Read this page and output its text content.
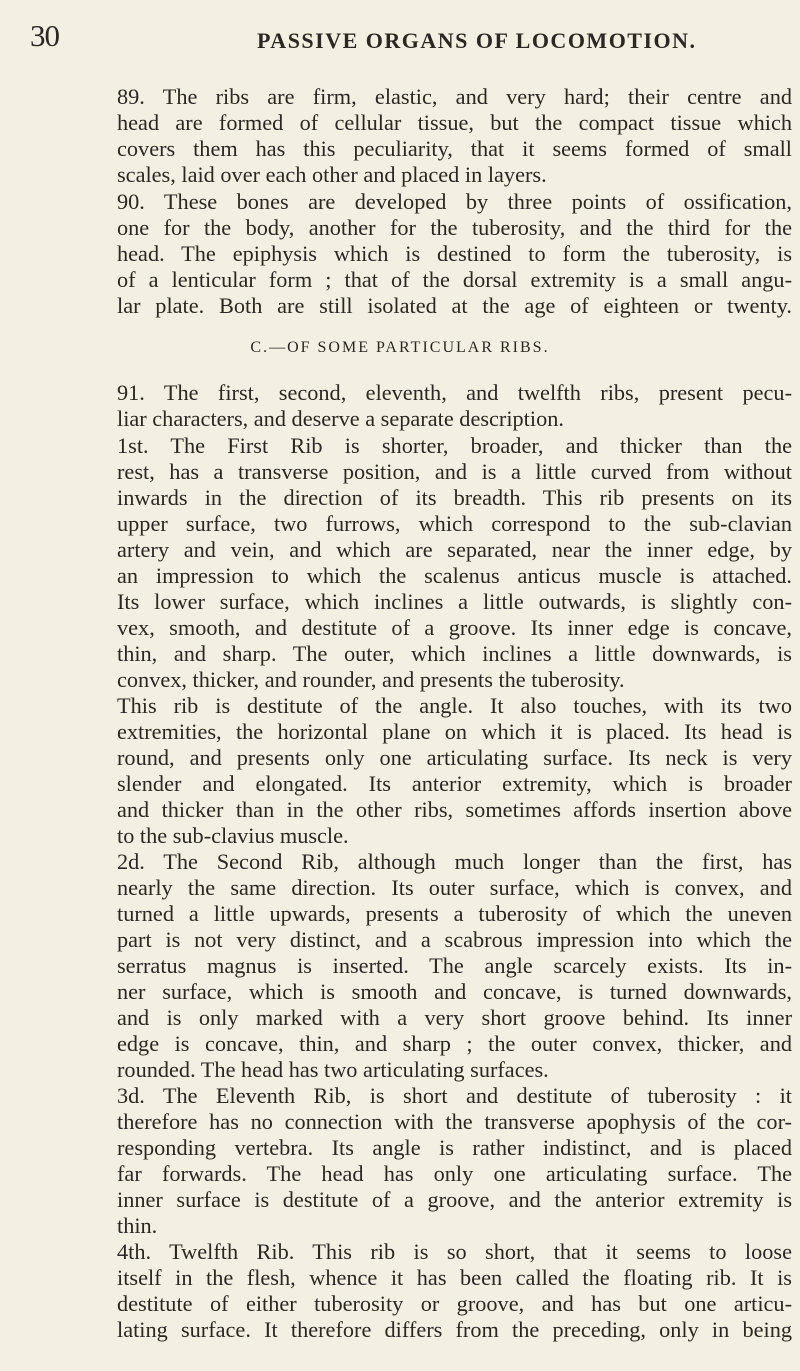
30	PASSIVE ORGANS OF LOCOMOTION.
89. The ribs are firm, elastic, and very hard; their centre and
head are formed of cellular tissue, but the compact tissue which
covers them has this peculiarity, that it seems formed of small
scales, laid over each other and placed in layers.
90. These bones are developed by three points of ossification,
one for the body, another for the tuberosity, and the third for the
head. The epiphysis which is destined to form the tuberosity, is
of a lenticular form ; that of the dorsal extremity is a small angu-
lar plate. Both are still isolated at the age of eighteen or twenty.
C.—OF SOME PARTICULAR RIBS.
91. The first, second, eleventh, and twelfth ribs, present pecu-
liar characters, and deserve a separate description.
1st. The First Rib is shorter, broader, and thicker than the
rest, has a transverse position, and is a little curved from without
inwards in the direction of its breadth. This rib presents on its
upper surface, two furrows, which correspond to the sub-clavian
artery and vein, and which are separated, near the inner edge, by
an impression to which the scalenus anticus muscle is attached.
Its lower surface, which inclines a little outwards, is slightly con-
vex, smooth, and destitute of a groove. Its inner edge is concave,
thin, and sharp. The outer, which inclines a little downwards, is
convex, thicker, and rounder, and presents the tuberosity.
This rib is destitute of the angle. It also touches, with its two
extremities, the horizontal plane on which it is placed. Its head is
round, and presents only one articulating surface. Its neck is very
slender and elongated. Its anterior extremity, which is broader
and thicker than in the other ribs, sometimes affords insertion above
to the sub-clavius muscle.
2d. The Second Rib, although much longer than the first, has
nearly the same direction. Its outer surface, which is convex, and
turned a little upwards, presents a tuberosity of which the uneven
part is not very distinct, and a scabrous impression into which the
serratus magnus is inserted. The angle scarcely exists. Its in-
ner surface, which is smooth and concave, is turned downwards,
and is only marked with a very short groove behind. Its inner
edge is concave, thin, and sharp ; the outer convex, thicker, and
rounded. The head has two articulating surfaces.
3d. The Eleventh Rib, is short and destitute of tuberosity : it
therefore has no connection with the transverse apophysis of the cor-
responding vertebra. Its angle is rather indistinct, and is placed
far forwards. The head has only one articulating surface. The
inner surface is destitute of a groove, and the anterior extremity is
thin.
4th. Twelfth Rib. This rib is so short, that it seems to loose
itself in the flesh, whence it has been called the floating rib. It is
destitute of either tuberosity or groove, and has but one articu-
lating surface. It therefore differs from the preceding, only in being
